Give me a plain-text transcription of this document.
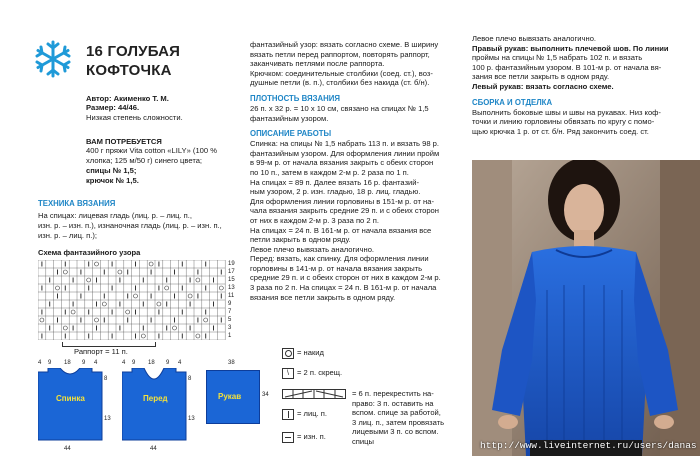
16 ГОЛУБАЯ
КОФТОЧКА
Автор: Акименко Т. М.
Размер: 44/46.
Низкая степень сложности.
ВАМ ПОТРЕБУЕТСЯ
400 г пряжи Vita cotton «LILY» (100 %
хлопка; 125 м/50 г) синего цвета;
спицы № 1,5;
крючок № 1,5.
ТЕХНИКА ВЯЗАНИЯ
На спицах: лицевая гладь (лиц. р. – лиц. п.,
изн. р. – изн. п.), изнаночная гладь (лиц. р. – изн. п.,
изн. р. – лиц. п.);
Схема фантазийного узора
19
17
15
13
11
9
7
5
3
1
Раппорт = 11 п.
4 9 18 9 4
Спинка
8
13
44
4 9 18 9 4
Перед
8
13
44
38
Рукав	34
фантазийный узор: вязать согласно схеме. В ширину
вязать петли перед раппортом, повторять раппорт,
заканчивать петлями после раппорта.
Крючком: соединительные столбики (соед. ст.), воз-
душные петли (в. п.), столбики без накида (ст. б/н).
ПЛОТНОСТЬ ВЯЗАНИЯ
26 п. х 32 р. = 10 х 10 см, связано на спицах № 1,5
фантазийным узором.
ОПИСАНИЕ РАБОТЫ
Спинка: на спицы № 1,5 набрать 113 п. и вязать 98 р.
фантазийным узором. Для оформления линии пройм
в 99-м р. от начала вязания закрыть с обеих сторон
по 10 п., затем в каждом 2-м р. 2 раза по 1 п.
На спицах = 89 п. Далее вязать 16 р. фантазий-
ным узором, 2 р. изн. гладью, 18 р. лиц. гладью.
Для оформления линии горловины в 151-м р. от на-
чала вязания закрыть средние 29 п. и с обеих сторон
от них в каждом 2-м р. 3 раза по 2 п.
На спицах = 24 п. В 161-м р. от начала вязания все
петли закрыть в одном ряду.
Левое плечо вывязать аналогично.
Перед: вязать, как спинку. Для оформления линии
горловины в 141-м р. от начала вязания закрыть
средние 29 п. и с обеих сторон от них в каждом 2-м р.
3 раза по 2 п. На спицах = 24 п. В 161-м р. от начала
вязания все петли закрыть в одном ряду.
= накид
\	= 2 п. скрещ.
= 6 п. перекрестить на-
право: 3 п. оставить на
вспом. спице за работой,
3 лиц. п., затем провязать
лицевыми 3 п. со вспом.
спицы
= лиц. п.
= изн. п.
Левое плечо вывязать аналогично.
Правый рукав: выполнить плечевой шов. По линии
проймы на спицы № 1,5 набрать 102 п. и вязать
100 р. фантазийным узором. В 101-м р. от начала вя-
зания все петли закрыть в одном ряду.
Левый рукав: вязать согласно схеме.
СБОРКА И ОТДЕЛКА
Выполнить боковые швы и швы на рукавах. Низ коф-
точки и линию горловины обвязать по кругу с помо-
щью крючка 1 р. от ст. б/н. Ряд закончить соед. ст.
http://www.liveinternet.ru/users/danas
